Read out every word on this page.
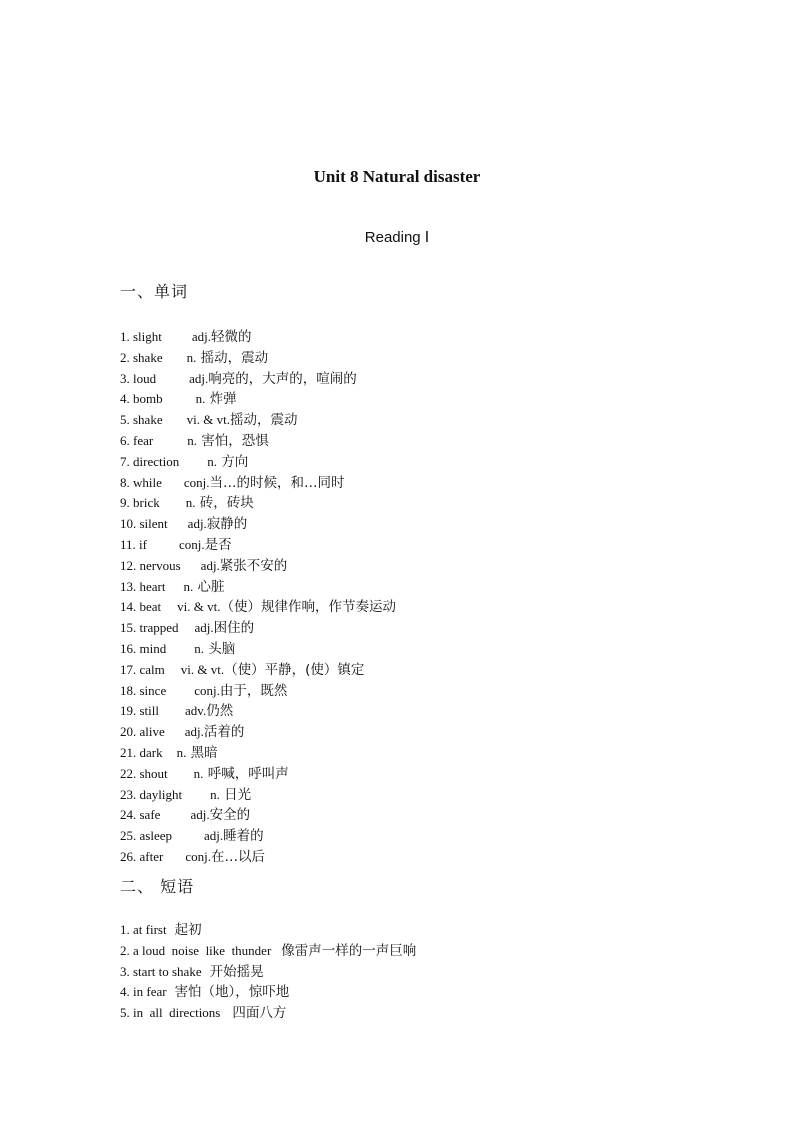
Unit 8 Natural disaster
Reading Ⅰ
一、单词
1. slight adj.轻微的
2. shake n. 摇动，震动
3. loud	adj.响亮的，大声的，喧闹的
4. bomb	n. 炸弹
5. shake vi. & vt.摇动，震动
6. fear	n. 害怕，恐惧
7. direction n. 方向
8. while conj.当…的时候，和…同时
9. brick n. 砖，砖块
10. silent adj.寂静的
11. if conj.是否
12. nervous adj.紧张不安的
13. heart n. 心脏
14. beat vi. & vt.（使）规律作响，作节奏运动
15. trapped adj.困住的
16. mind n. 头脑
17. calm vi. & vt.（使）平静，(使）镇定
18. since conj.由于，既然
19. still adv.仍然
20. alive adj.活着的
21. dark n. 黑暗
22. shout n. 呼喊，呼叫声
23. daylight n. 日光
24. safe adj.安全的
25. asleep adj.睡着的
26. after conj.在…以后
二、 短语
1. at first 起初
2. a loud  noise  like  thunder 像雷声一样的一声巨响
3. start to shake 开始摇晃
4. in fear 害怕（地），惊吓地
5. in  all  directions 四面八方
